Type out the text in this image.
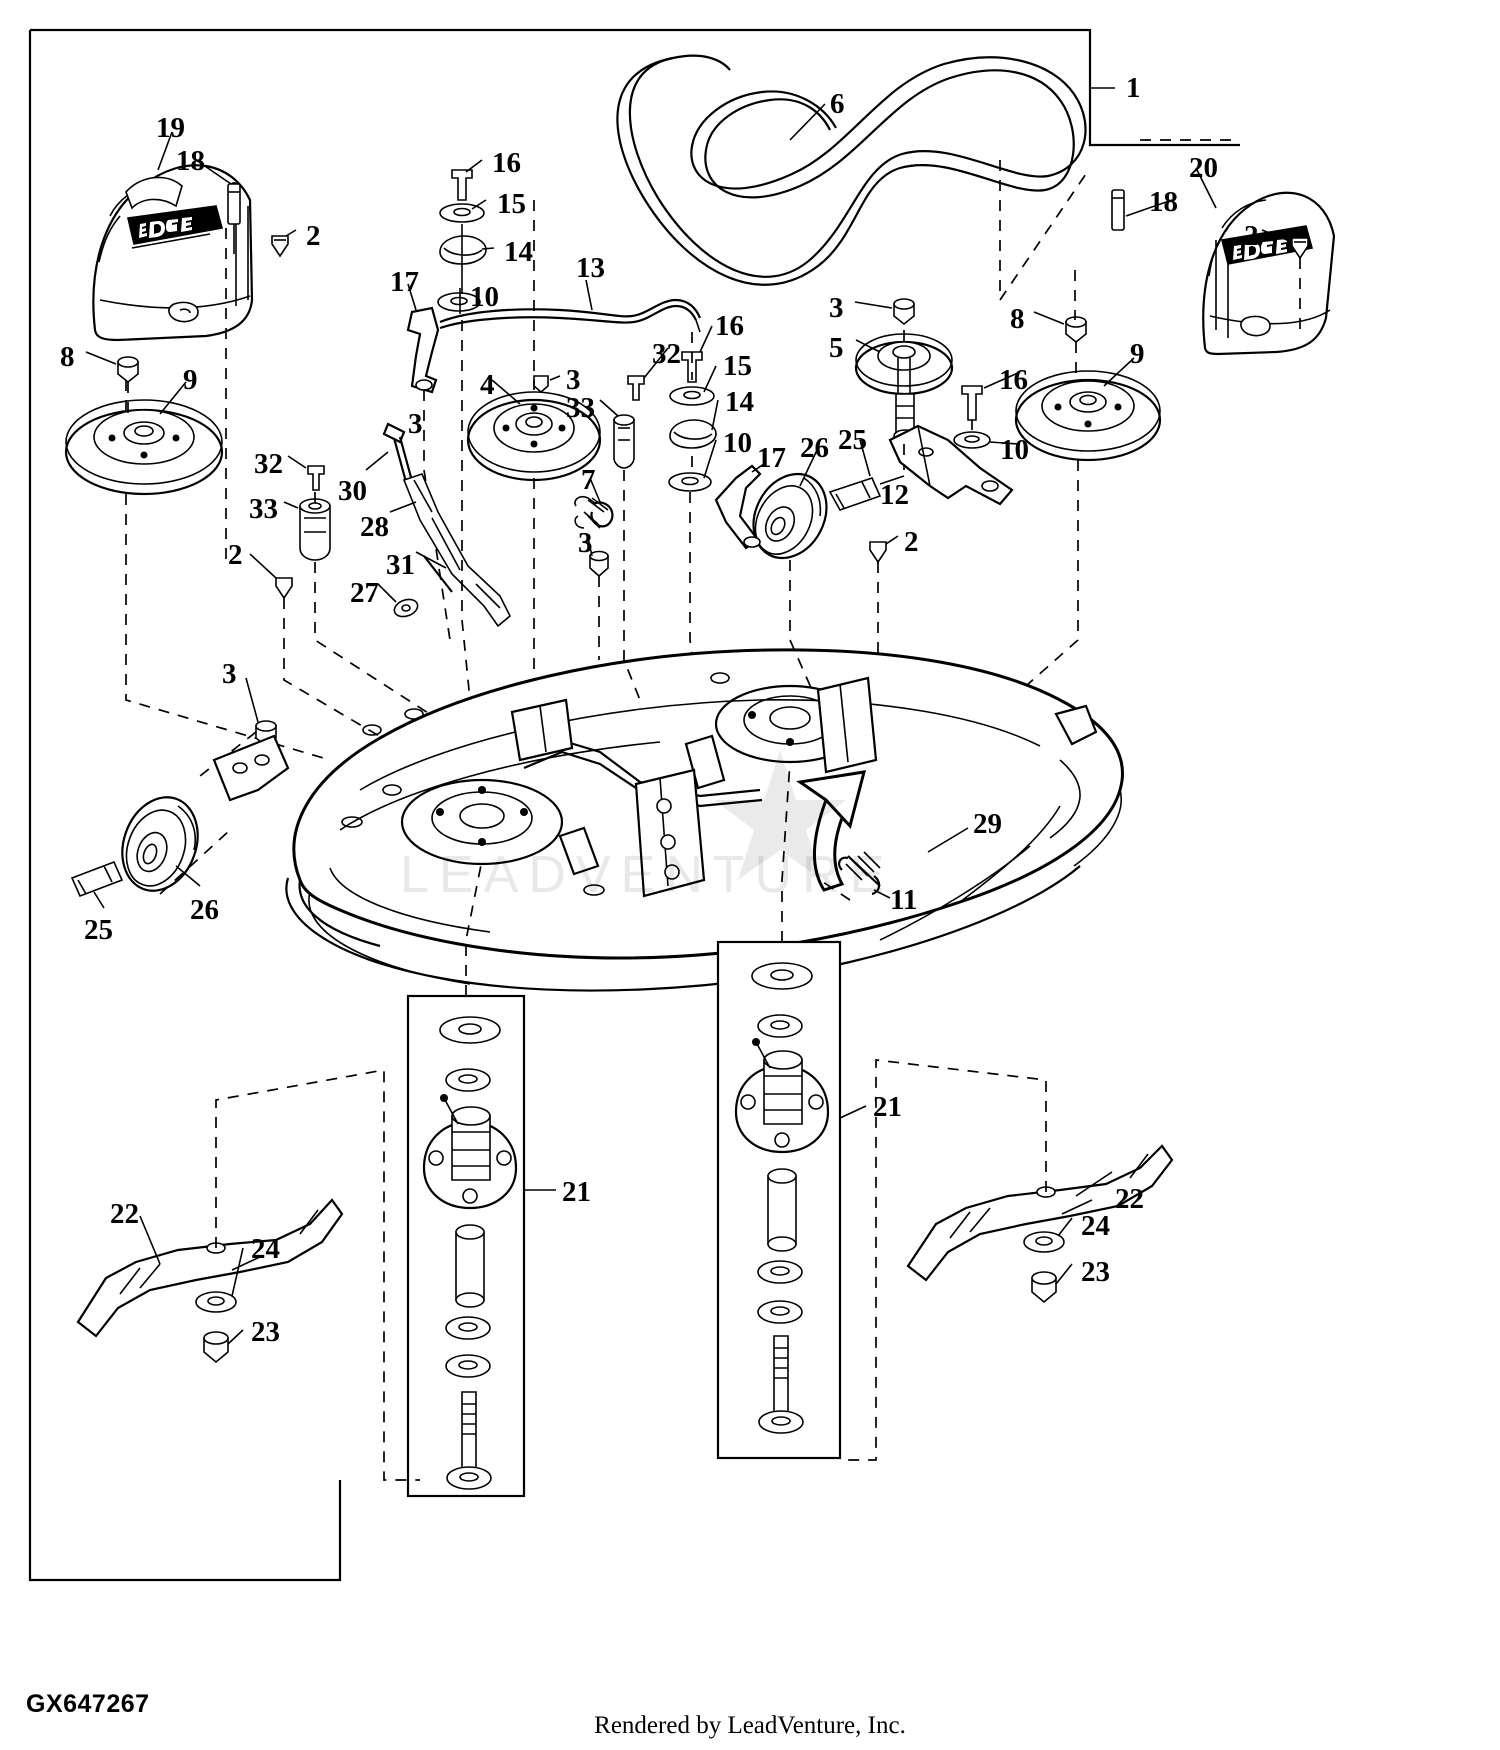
1
6
19
18	20
16
18
15
2	2
14 13
17 10	3	8
16
5
32
8	15	9
4 3	16
9
14
33
3
10	10
17 26 25
32
30	7	12
33
28	3	2
31
2
27
3
29
11
26
25
21
22
22
21
24
23
24
23
GX647267
Rendered by LeadVenture, Inc.
